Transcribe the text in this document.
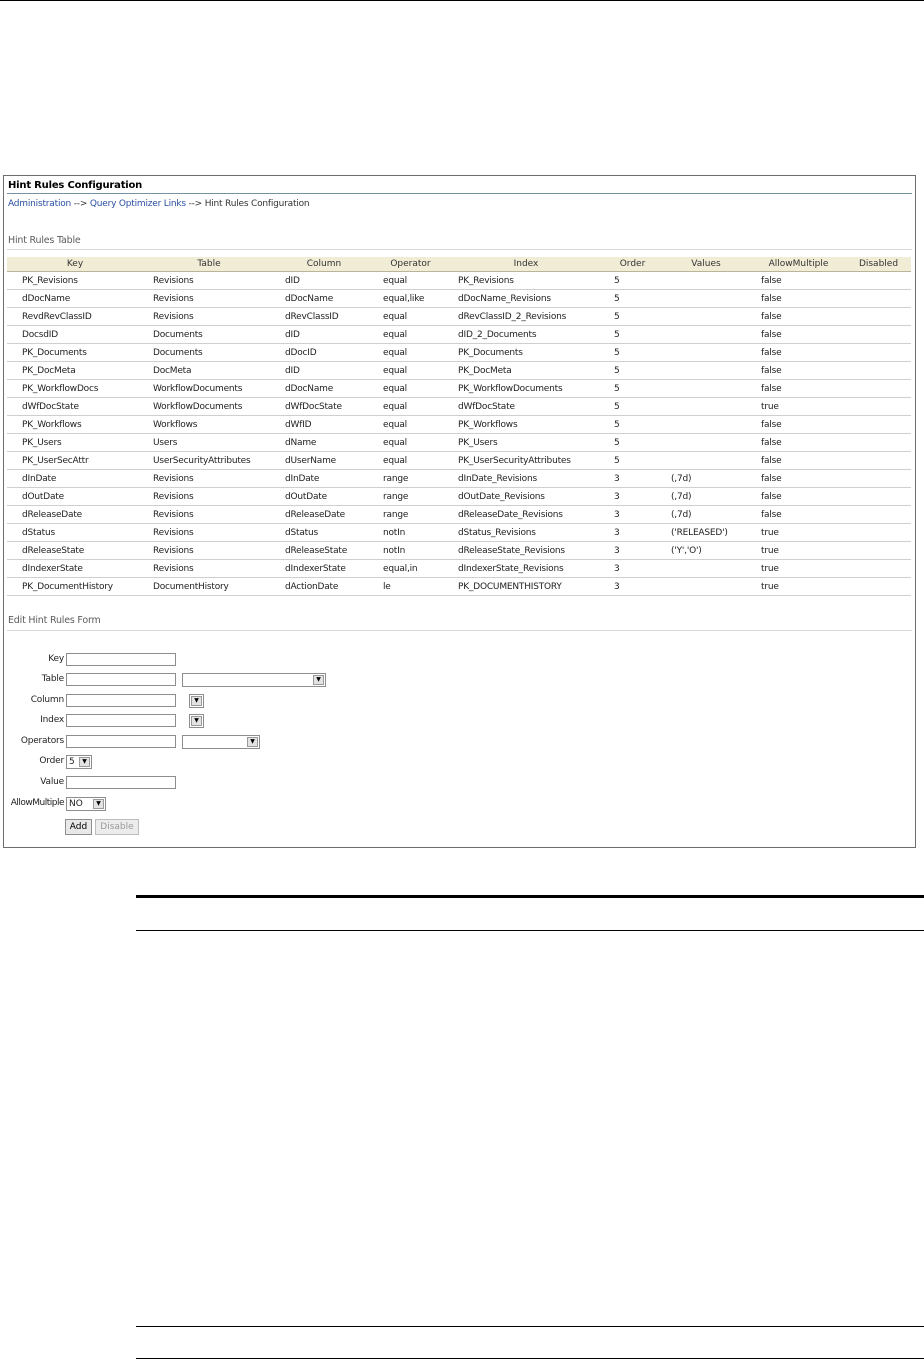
Hint Rules Configuration
Administration --> Query Optimizer Links --> Hint Rules Configuration
Hint Rules Table
Key	Table	Column	Operator	Index	Order	Values	AllowMultiple	Disabled
PK_Revisions	Revisions	dID	equal	PK_Revisions	5		false	
dDocName	Revisions	dDocName	equal,like	dDocName_Revisions	5		false	
RevdRevClassID	Revisions	dRevClassID	equal	dRevClassID_2_Revisions	5		false	
DocsdID	Documents	dID	equal	dID_2_Documents	5		false	
PK_Documents	Documents	dDocID	equal	PK_Documents	5		false	
PK_DocMeta	DocMeta	dID	equal	PK_DocMeta	5		false	
PK_WorkflowDocs	WorkflowDocuments	dDocName	equal	PK_WorkflowDocuments	5		false	
dWfDocState	WorkflowDocuments	dWfDocState	equal	dWfDocState	5		true	
PK_Workflows	Workflows	dWfID	equal	PK_Workflows	5		false	
PK_Users	Users	dName	equal	PK_Users	5		false	
PK_UserSecAttr	UserSecurityAttributes	dUserName	equal	PK_UserSecurityAttributes	5		false	
dInDate	Revisions	dInDate	range	dInDate_Revisions	3	(,7d)	false	
dOutDate	Revisions	dOutDate	range	dOutDate_Revisions	3	(,7d)	false	
dReleaseDate	Revisions	dReleaseDate	range	dReleaseDate_Revisions	3	(,7d)	false	
dStatus	Revisions	dStatus	notIn	dStatus_Revisions	3	('RELEASED')	true	
dReleaseState	Revisions	dReleaseState	notIn	dReleaseState_Revisions	3	('Y','O')	true	
dIndexerState	Revisions	dIndexerState	equal,in	dIndexerState_Revisions	3		true	
PK_DocumentHistory	DocumentHistory	dActionDate	le	PK_DOCUMENTHISTORY	3		true	
Edit Hint Rules Form
Key
Table	▼
Column	▼
Index	▼
Operators	▼
Order 5	▼
Value
AllowMultiple NO	▼
Add	Disable
